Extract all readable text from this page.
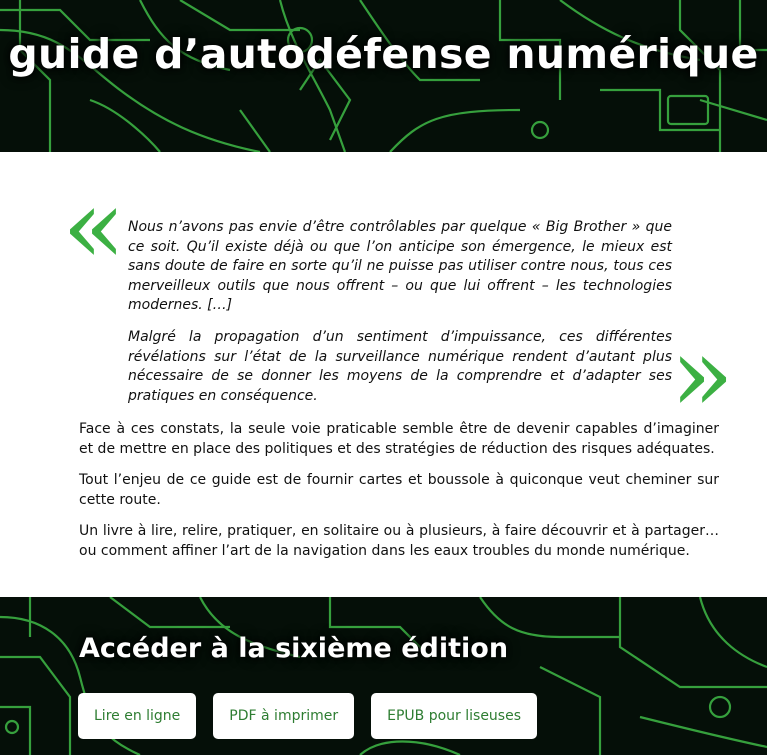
guide d’autodéfense numérique
« Nous n’avons pas envie d’être contrôlables par quelque « Big Brother » que ce soit. Qu’il existe déjà ou que l’on anticipe son émergence, le mieux est sans doute de faire en sorte qu’il ne puisse pas utiliser contre nous, tous ces merveilleux outils que nous offrent – ou que lui offrent – les technologies modernes. […]

Malgré la propagation d’un sentiment d’impuissance, ces différentes révélations sur l’état de la surveillance numérique rendent d’autant plus nécessaire de se donner les moyens de la comprendre et d’adapter ses pratiques en conséquence.	»

Face à ces constats, la seule voie praticable semble être de devenir capables d’imaginer et de mettre en place des politiques et des stratégies de réduction des risques adéquates.

Tout l’enjeu de ce guide est de fournir cartes et boussole à quiconque veut cheminer sur cette route.

Un livre à lire, relire, pratiquer, en solitaire ou à plusieurs, à faire découvrir et à partager… ou comment affiner l’art de la navigation dans les eaux troubles du monde numérique.

Accéder à la sixième édition
Lire en ligne	PDF à imprimer	EPUB pour liseuses
